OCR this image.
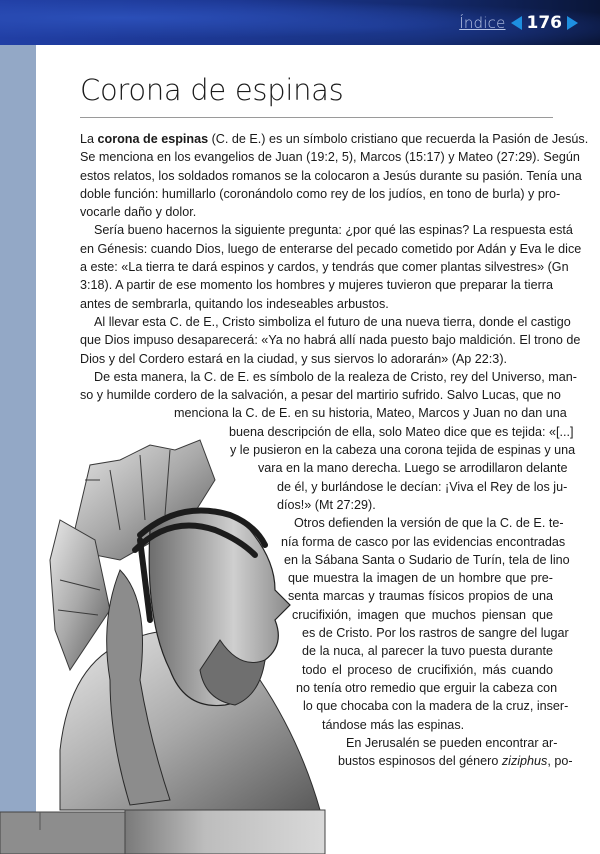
Índice 176
Corona de espinas

La corona de espinas (C. de E.) es un símbolo cristiano que recuerda la Pasión de Jesús.
Se menciona en los evangelios de Juan (19:2, 5), Marcos (15:17) y Mateo (27:29). Según
estos relatos, los soldados romanos se la colocaron a Jesús durante su pasión. Tenía una
doble función: humillarlo (coronándolo como rey de los judíos, en tono de burla) y pro-
vocarle daño y dolor.

Sería bueno hacernos la siguiente pregunta: ¿por qué las espinas? La respuesta está
en Génesis: cuando Dios, luego de enterarse del pecado cometido por Adán y Eva le dice
a este: «La tierra te dará espinos y cardos, y tendrás que comer plantas silvestres» (Gn
3:18). A partir de ese momento los hombres y mujeres tuvieron que preparar la tierra
antes de sembrarla, quitando los indeseables arbustos.

Al llevar esta C. de E., Cristo simboliza el futuro de una nueva tierra, donde el castigo
que Dios impuso desaparecerá: «Ya no habrá allí nada puesto bajo maldición. El trono de
Dios y del Cordero estará en la ciudad, y sus siervos lo adorarán» (Ap 22:3).

De esta manera, la C. de E. es símbolo de la realeza de Cristo, rey del Universo, man-
so y humilde cordero de la salvación, a pesar del martirio sufrido. Salvo Lucas, que no
menciona la C. de E. en su historia, Mateo, Marcos y Juan no dan una
buena descripción de ella, solo Mateo dice que es tejida: «[...]
y le pusieron en la cabeza una corona tejida de espinas y una
vara en la mano derecha. Luego se arrodillaron delante
de él, y burlándose le decían: ¡Viva el Rey de los ju-
díos!» (Mt 27:29).

Otros defienden la versión de que la C. de E. te-
nía forma de casco por las evidencias encontradas
en la Sábana Santa o Sudario de Turín, tela de lino
que muestra la imagen de un hombre que pre-
senta marcas y traumas físicos propios de una
crucifixión, imagen que muchos piensan que
es de Cristo. Por los rastros de sangre del lugar
de la nuca, al parecer la tuvo puesta durante
todo el proceso de crucifixión, más cuando
no tenía otro remedio que erguir la cabeza con
lo que chocaba con la madera de la cruz, inser-
tándose más las espinas.

En Jerusalén se pueden encontrar ar-
bustos espinosos del género ziziphus, po-
